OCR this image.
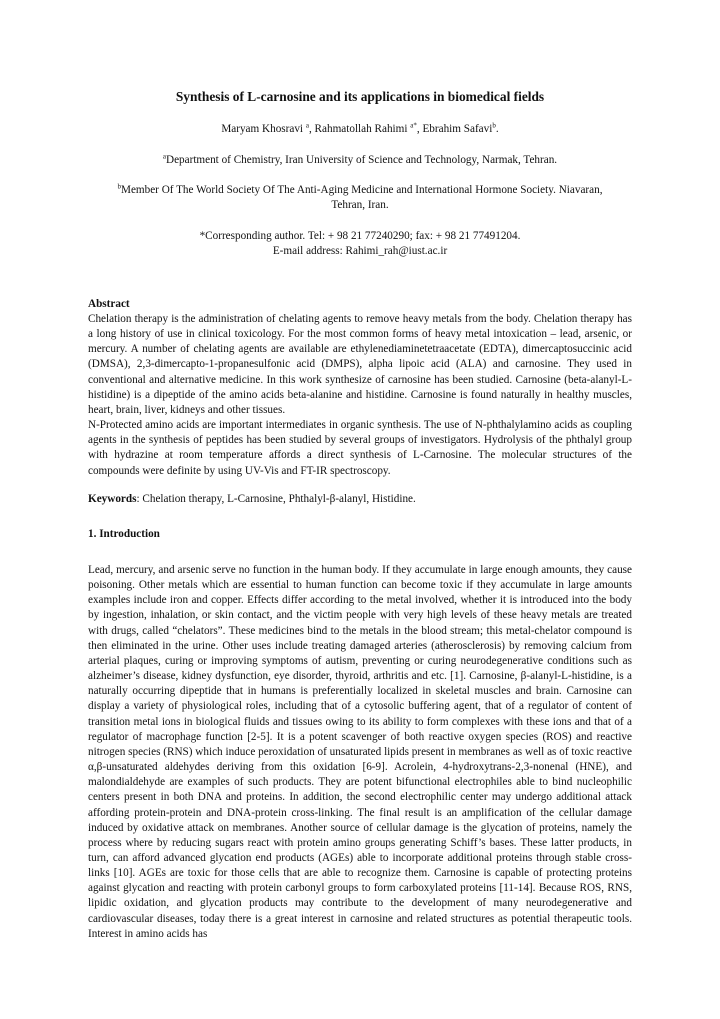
Synthesis of L-carnosine and its applications in biomedical fields
Maryam Khosravi $^a$, Rahmatollah Rahimi $^{a*}$, Ebrahim Safavi$^b$.
$^a$Department of Chemistry, Iran University of Science and Technology, Narmak, Tehran.
$^b$Member Of The World Society Of The Anti-Aging Medicine and International Hormone Society. Niavaran,
Tehran, Iran.
*Corresponding author. Tel: + 98 21 77240290; fax: + 98 21 77491204.
E-mail address: Rahimi_rah@iust.ac.ir
Abstract

Chelation therapy is the administration of chelating agents to remove heavy metals from the body. Chelation therapy has a long history of use in clinical toxicology. For the most common forms of heavy metal intoxication – lead, arsenic, or mercury. A number of chelating agents are available are ethylenediaminetetraacetate (EDTA), dimercaptosuccinic acid (DMSA), 2,3-dimercapto-1-propanesulfonic acid (DMPS), alpha lipoic acid (ALA) and carnosine. They used in conventional and alternative medicine. In this work synthesize of carnosine has been studied. Carnosine (beta-alanyl-L-histidine) is a dipeptide of the amino acids beta-alanine and histidine. Carnosine is found naturally in healthy muscles, heart, brain, liver, kidneys and other tissues.

N-Protected amino acids are important intermediates in organic synthesis. The use of N-phthalylamino acids as coupling agents in the synthesis of peptides has been studied by several groups of investigators. Hydrolysis of the phthalyl group with hydrazine at room temperature affords a direct synthesis of L-Carnosine. The molecular structures of the compounds were definite by using UV-Vis and FT-IR spectroscopy.

Keywords: Chelation therapy, L-Carnosine, Phthalyl-β-alanyl, Histidine.
1. Introduction

Lead, mercury, and arsenic serve no function in the human body. If they accumulate in large enough amounts, they cause poisoning. Other metals which are essential to human function can become toxic if they accumulate in large amounts examples include iron and copper. Effects differ according to the metal involved, whether it is introduced into the body by ingestion, inhalation, or skin contact, and the victim people with very high levels of these heavy metals are treated with drugs, called “chelators”. These medicines bind to the metals in the blood stream; this metal-chelator compound is then eliminated in the urine. Other uses include treating damaged arteries (atherosclerosis) by removing calcium from arterial plaques, curing or improving symptoms of autism, preventing or curing neurodegenerative conditions such as alzheimer’s disease, kidney dysfunction, eye disorder, thyroid, arthritis and etc. [1]. Carnosine, β-alanyl-L-histidine, is a naturally occurring dipeptide that in humans is preferentially localized in skeletal muscles and brain. Carnosine can display a variety of physiological roles, including that of a cytosolic buffering agent, that of a regulator of content of transition metal ions in biological fluids and tissues owing to its ability to form complexes with these ions and that of a regulator of macrophage function [2-5]. It is a potent scavenger of both reactive oxygen species (ROS) and reactive nitrogen species (RNS) which induce peroxidation of unsaturated lipids present in membranes as well as of toxic reactive α,β-unsaturated aldehydes deriving from this oxidation [6-9]. Acrolein, 4-hydroxytrans-2,3-nonenal (HNE), and malondialdehyde are examples of such products. They are potent bifunctional electrophiles able to bind nucleophilic centers present in both DNA and proteins. In addition, the second electrophilic center may undergo additional attack affording protein-protein and DNA-protein cross-linking. The final result is an amplification of the cellular damage induced by oxidative attack on membranes. Another source of cellular damage is the glycation of proteins, namely the process where by reducing sugars react with protein amino groups generating Schiff’s bases. These latter products, in turn, can afford advanced glycation end products (AGEs) able to incorporate additional proteins through stable cross-links [10]. AGEs are toxic for those cells that are able to recognize them. Carnosine is capable of protecting proteins against glycation and reacting with protein carbonyl groups to form carboxylated proteins [11-14]. Because ROS, RNS, lipidic oxidation, and glycation products may contribute to the development of many neurodegenerative and cardiovascular diseases, today there is a great interest in carnosine and related structures as potential therapeutic tools. Interest in amino acids has
